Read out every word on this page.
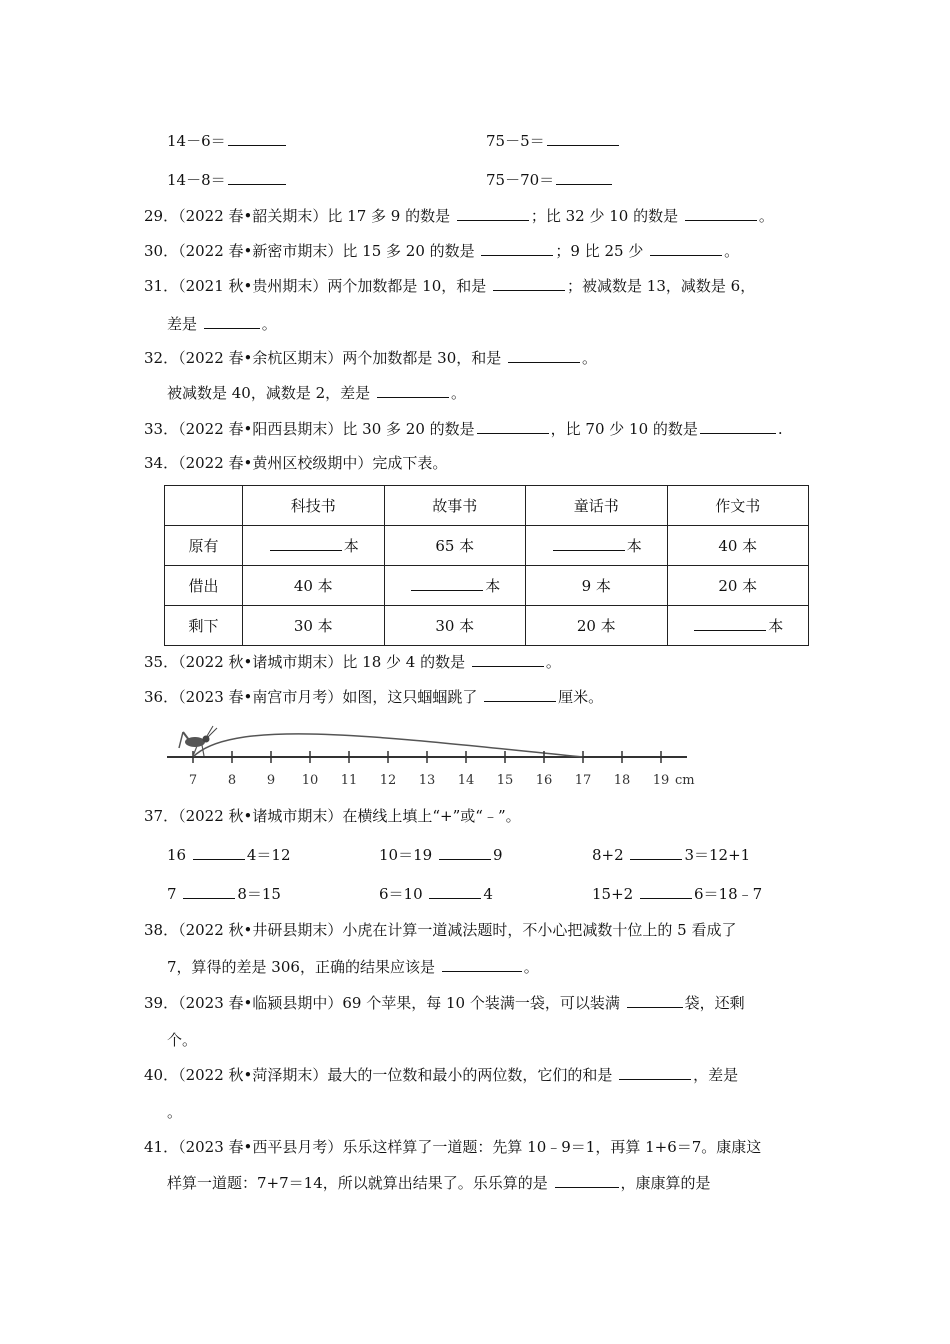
14－6＝	75－5＝
14－8＝	75－70＝
29．（2022 春•韶关期末）比 17 多 9 的数是	；比 32 少 10 的数是	。
30．（2022 春•新密市期末）比 15 多 20 的数是	；9 比 25 少	。
31．（2021 秋•贵州期末）两个加数都是 10，和是	；被减数是 13，减数是 6，
差是	。
32．（2022 春•余杭区期末）两个加数都是 30，和是	。
被减数是 40，减数是 2，差是	。
33．（2022 春•阳西县期末）比 30 多 20 的数是	，比 70 少 10 的数是	.
34．（2022 春•黄州区校级期中）完成下表。
	科技书	故事书	童话书	作文书
原有	本	65 本	本	40 本
借出	40 本	本	9 本	20 本
剩下	30 本	30 本	20 本	本
35．（2022 秋•诸城市期末）比 18 少 4 的数是	。
36．（2023 春•南宫市月考）如图，这只蝈蝈跳了	厘米。
7 8 9 10 11 12 13 14 15 16 17 18 19 cm
37．（2022 秋•诸城市期末）在横线上填上“+”或“﹣”。
16	4＝12	10＝19	9	8+2	3＝12+1
7	8＝15	6＝10	4	15+2	6＝18﹣7
38．（2022 秋•井研县期末）小虎在计算一道减法题时，不小心把减数十位上的 5 看成了
7，算得的差是 306，正确的结果应该是	。
39．（2023 春•临颍县期中）69 个苹果，每 10 个装满一袋，可以装满	袋，还剩
个。
40．（2022 秋•菏泽期末）最大的一位数和最小的两位数，它们的和是	，差是
。
41．（2023 春•西平县月考）乐乐这样算了一道题：先算 10﹣9＝1，再算 1+6＝7。康康这
样算一道题：7+7＝14，所以就算出结果了。乐乐算的是	，康康算的是
